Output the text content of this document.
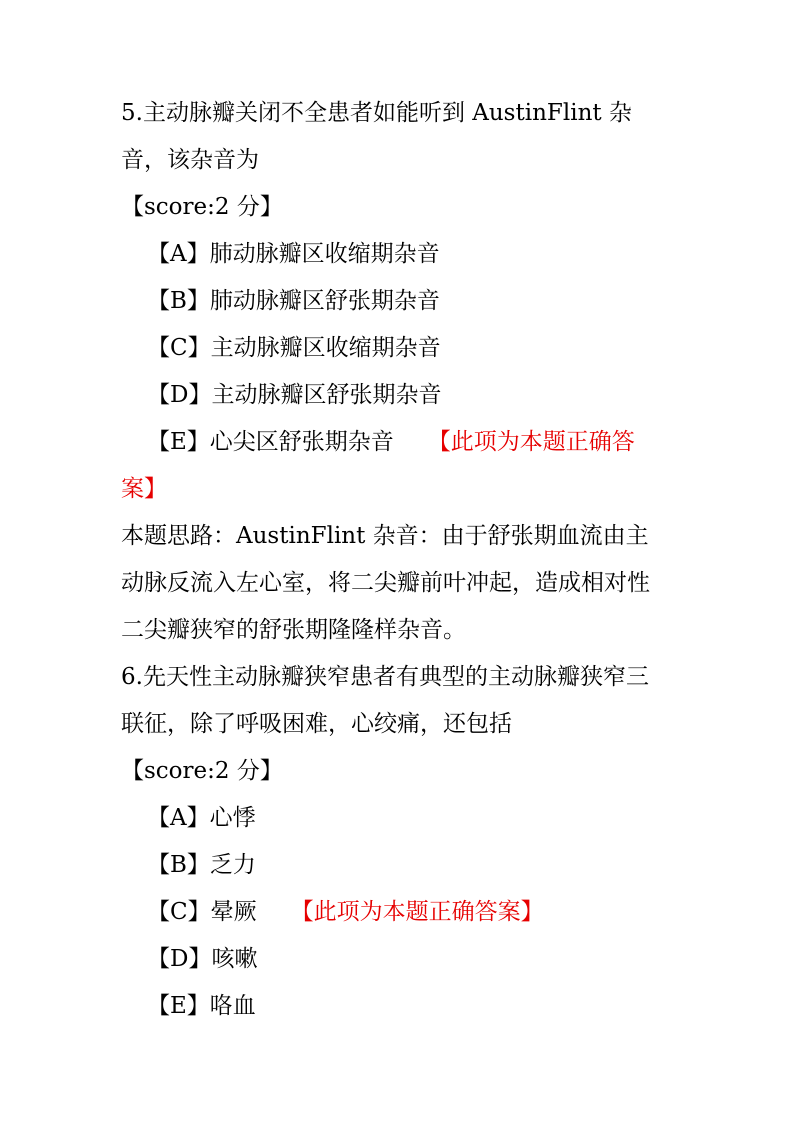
5.主动脉瓣关闭不全患者如能听到 AustinFlint 杂
音，该杂音为
【score:2 分】
【A】肺动脉瓣区收缩期杂音
【B】肺动脉瓣区舒张期杂音
【C】主动脉瓣区收缩期杂音
【D】主动脉瓣区舒张期杂音
【E】心尖区舒张期杂音 【此项为本题正确答
案】
本题思路：AustinFlint 杂音：由于舒张期血流由主
动脉反流入左心室，将二尖瓣前叶冲起，造成相对性
二尖瓣狭窄的舒张期隆隆样杂音。
6.先天性主动脉瓣狭窄患者有典型的主动脉瓣狭窄三
联征，除了呼吸困难，心绞痛，还包括
【score:2 分】
【A】心悸
【B】乏力
【C】晕厥 【此项为本题正确答案】
【D】咳嗽
【E】咯血
